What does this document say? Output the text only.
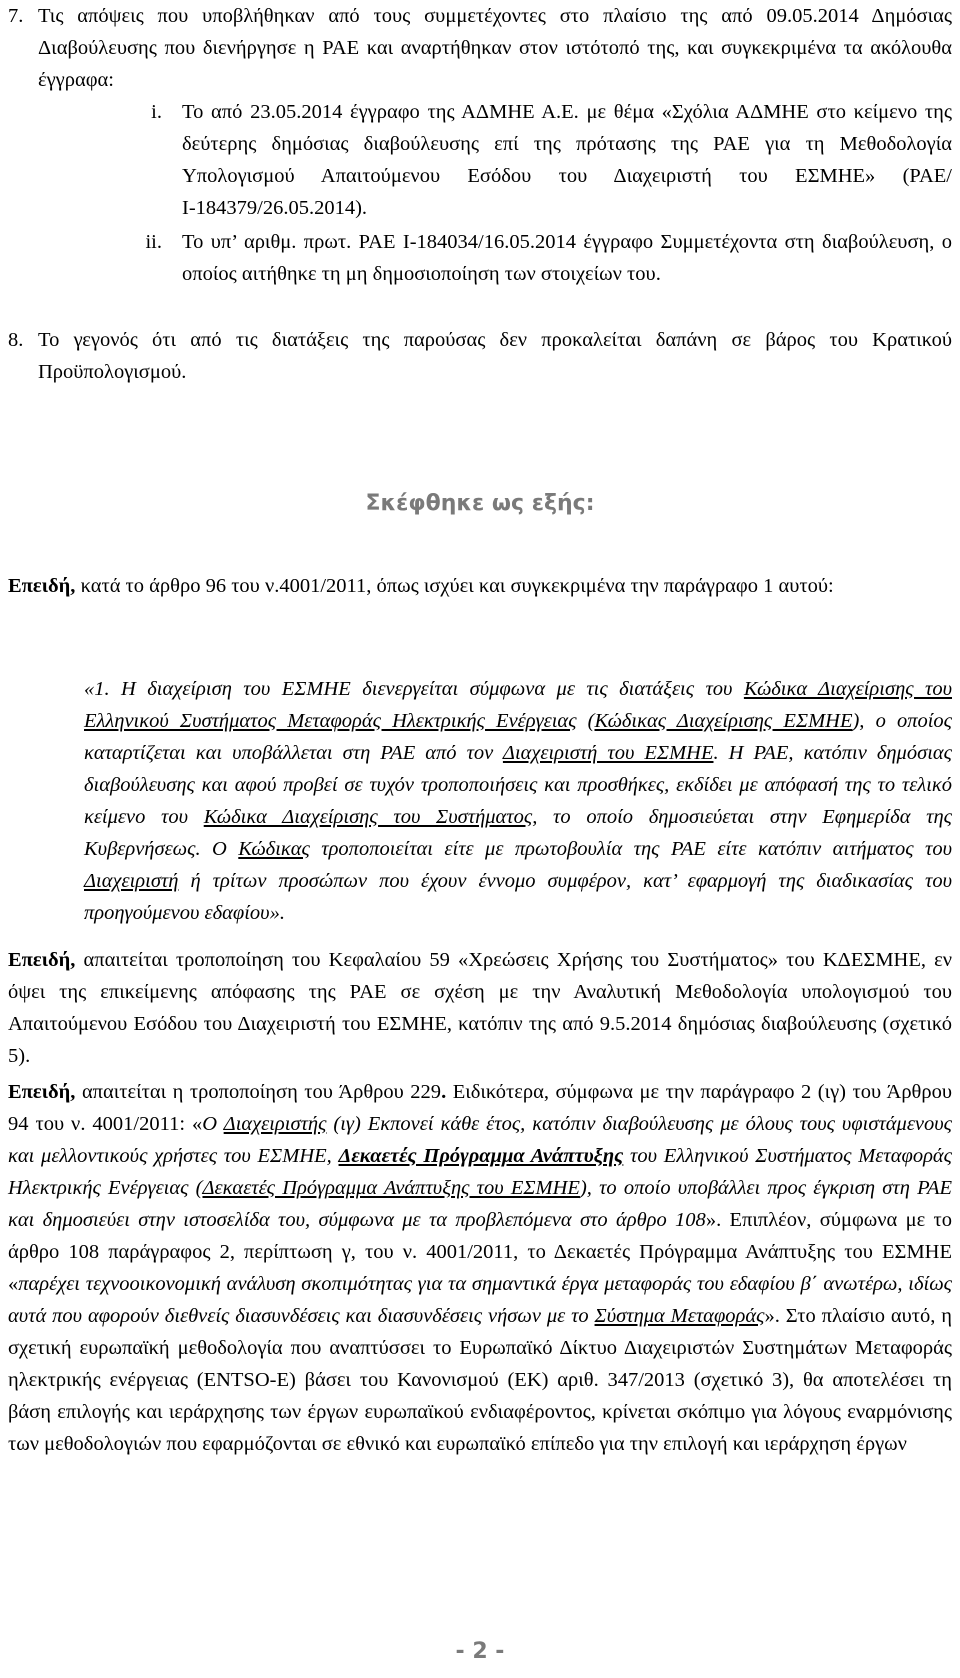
7. Τις απόψεις που υποβλήθηκαν από τους συμμετέχοντες στο πλαίσιο της από 09.05.2014 Δημόσιας Διαβούλευσης που διενήργησε η ΡΑΕ και αναρτήθηκαν στον ιστότοπό της, και συγκεκριμένα τα ακόλουθα έγγραφα:

i. Το από 23.05.2014 έγγραφο της ΑΔΜΗΕ Α.Ε. με θέμα «Σχόλια ΑΔΜΗΕ στο κείμενο της δεύτερης δημόσιας διαβούλευσης επί της πρότασης της ΡΑΕ για τη Μεθοδολογία Υπολογισμού Απαιτούμενου Εσόδου του Διαχειριστή του ΕΣΜΗΕ» (ΡΑΕ/Ι-184379/26.05.2014).

ii. Το υπ’ αριθμ. πρωτ. ΡΑΕ Ι-184034/16.05.2014 έγγραφο Συμμετέχοντα στη διαβούλευση, ο οποίος αιτήθηκε τη μη δημοσιοποίηση των στοιχείων του.

8. Το γεγονός ότι από τις διατάξεις της παρούσας δεν προκαλείται δαπάνη σε βάρος του Κρατικού Προϋπολογισμού.

Σκέφθηκε ως εξής:

Επειδή, κατά το άρθρο 96 του ν.4001/2011, όπως ισχύει και συγκεκριμένα την παράγραφο 1 αυτού:

«1. Η διαχείριση του ΕΣΜΗΕ διενεργείται σύμφωνα με τις διατάξεις του Κώδικα Διαχείρισης του Ελληνικού Συστήματος Μεταφοράς Ηλεκτρικής Ενέργειας (Κώδικας Διαχείρισης ΕΣΜΗΕ), ο οποίος καταρτίζεται και υποβάλλεται στη ΡΑΕ από τον Διαχειριστή του ΕΣΜΗΕ. Η ΡΑΕ, κατόπιν δημόσιας διαβούλευσης και αφού προβεί σε τυχόν τροποποιήσεις και προσθήκες, εκδίδει με απόφασή της το τελικό κείμενο του Κώδικα Διαχείρισης του Συστήματος, το οποίο δημοσιεύεται στην Εφημερίδα της Κυβερνήσεως. Ο Κώδικας τροποποιείται είτε με πρωτοβουλία της ΡΑΕ είτε κατόπιν αιτήματος του Διαχειριστή ή τρίτων προσώπων που έχουν έννομο συμφέρον, κατ’ εφαρμογή της διαδικασίας του προηγούμενου εδαφίου».

Επειδή, απαιτείται τροποποίηση του Κεφαλαίου 59 «Χρεώσεις Χρήσης του Συστήματος» του ΚΔΕΣΜΗΕ, εν όψει της επικείμενης απόφασης της ΡΑΕ σε σχέση με την Αναλυτική Μεθοδολογία υπολογισμού του Απαιτούμενου Εσόδου του Διαχειριστή του ΕΣΜΗΕ, κατόπιν της από 9.5.2014 δημόσιας διαβούλευσης (σχετικό 5).

Επειδή, απαιτείται η τροποποίηση του Άρθρου 229. Ειδικότερα, σύμφωνα με την παράγραφο 2 (ιγ) του Άρθρου 94 του ν. 4001/2011: «Ο Διαχειριστής (ιγ) Εκπονεί κάθε έτος, κατόπιν διαβούλευσης με όλους τους υφιστάμενους και μελλοντικούς χρήστες του ΕΣΜΗΕ, Δεκαετές Πρόγραμμα Ανάπτυξης του Ελληνικού Συστήματος Μεταφοράς Ηλεκτρικής Ενέργειας (Δεκαετές Πρόγραμμα Ανάπτυξης του ΕΣΜΗΕ), το οποίο υποβάλλει προς έγκριση στη ΡΑΕ και δημοσιεύει στην ιστοσελίδα του, σύμφωνα με τα προβλεπόμενα στο άρθρο 108». Επιπλέον, σύμφωνα με το άρθρο 108 παράγραφος 2, περίπτωση γ, του ν. 4001/2011, το Δεκαετές Πρόγραμμα Ανάπτυξης του ΕΣΜΗΕ «παρέχει τεχνοοικονομική ανάλυση σκοπιμότητας για τα σημαντικά έργα μεταφοράς του εδαφίου β΄ ανωτέρω, ιδίως αυτά που αφορούν διεθνείς διασυνδέσεις και διασυνδέσεις νήσων με το Σύστημα Μεταφοράς». Στο πλαίσιο αυτό, η σχετική ευρωπαϊκή μεθοδολογία που αναπτύσσει το Ευρωπαϊκό Δίκτυο Διαχειριστών Συστημάτων Μεταφοράς ηλεκτρικής ενέργειας (ENTSO-E) βάσει του Κανονισμού (ΕΚ) αριθ. 347/2013 (σχετικό 3), θα αποτελέσει τη βάση επιλογής και ιεράρχησης των έργων ευρωπαϊκού ενδιαφέροντος, κρίνεται σκόπιμο για λόγους εναρμόνισης των μεθοδολογιών που εφαρμόζονται σε εθνικό και ευρωπαϊκό επίπεδο για την επιλογή και ιεράρχηση έργων

- 2 -
